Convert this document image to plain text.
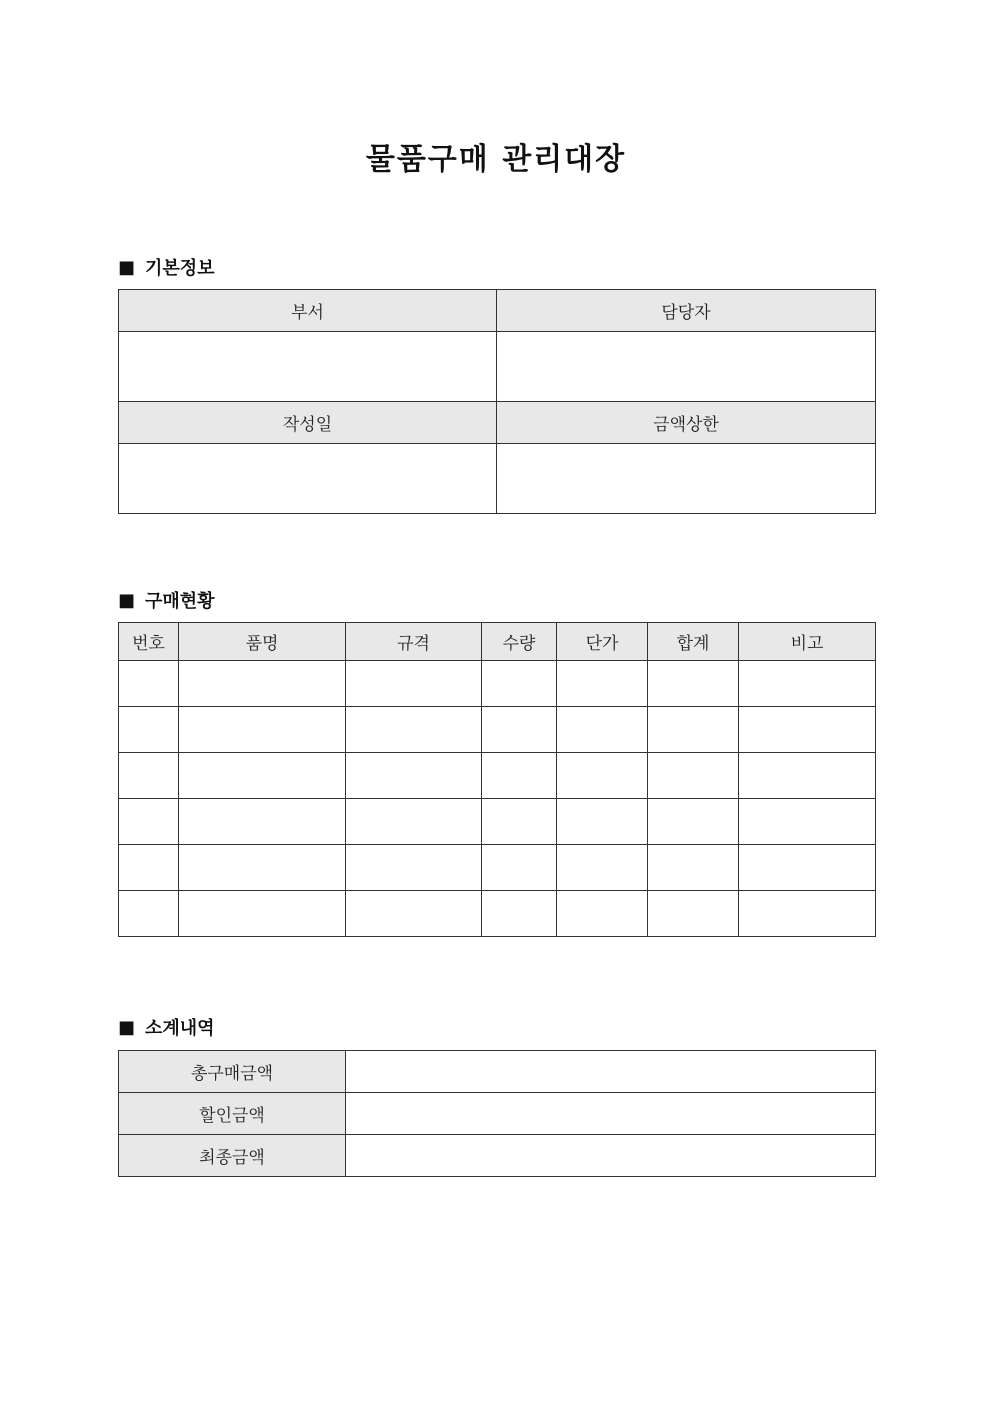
물품구매 관리대장
■ 기본정보
부서	담당자

작성일	금액상한

■ 구매현황
번호	품명	규격	수량	단가	합계	비고

■ 소계내역
총구매금액	
할인금액	
최종금액	
